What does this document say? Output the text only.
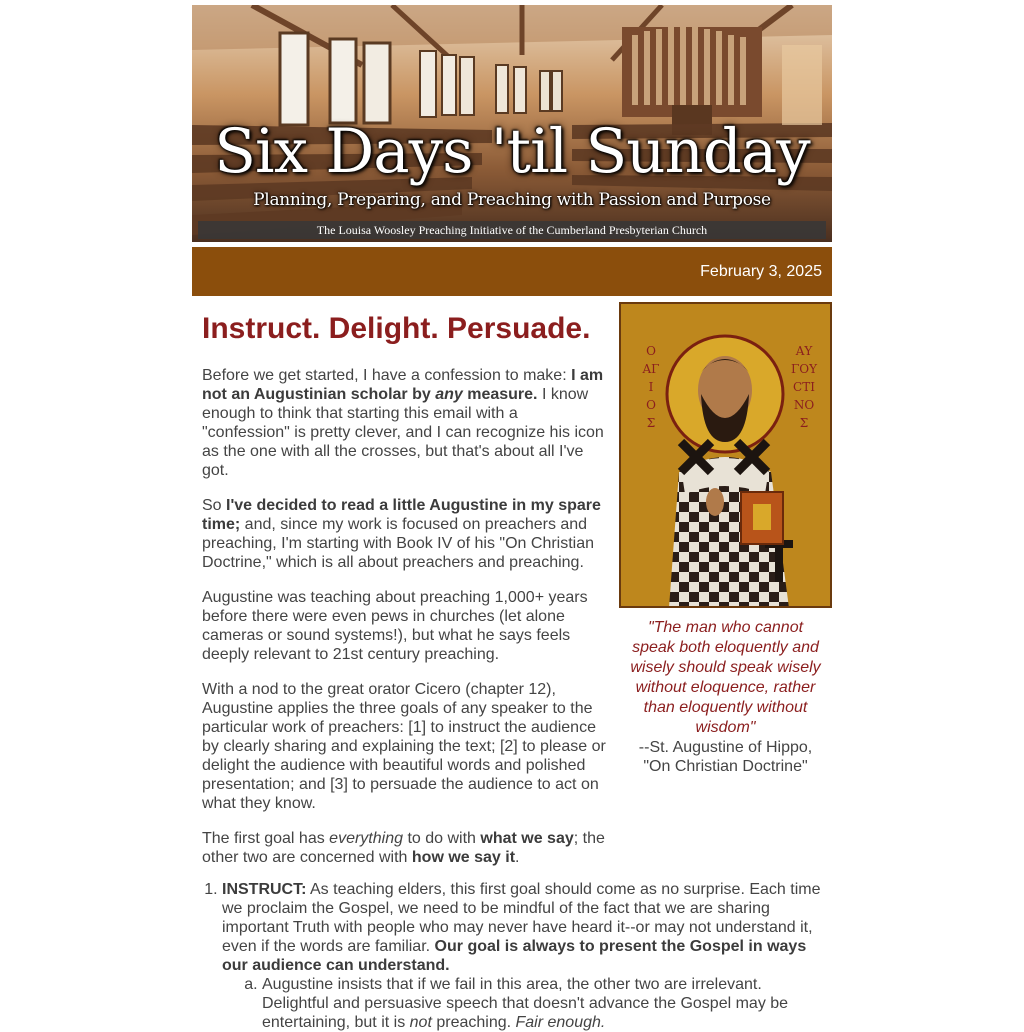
Six Days 'til Sunday
Planning, Preparing, and Preaching with Passion and Purpose
The Louisa Woosley Preaching Initiative of the Cumberland Presbyterian Church
February 3, 2025
Instruct. Delight. Persuade.

Before we get started, I have a confession to make: I am not an Augustinian scholar by any measure. I know enough to think that starting this email with a "confession" is pretty clever, and I can recognize his icon as the one with all the crosses, but that's about all I've got.

So I've decided to read a little Augustine in my spare time; and, since my work is focused on preachers and preaching, I'm starting with Book IV of his "On Christian Doctrine," which is all about preachers and preaching.

Augustine was teaching about preaching 1,000+ years before there were even pews in churches (let alone cameras or sound systems!), but what he says feels deeply relevant to 21st century preaching.

With a nod to the great orator Cicero (chapter 12), Augustine applies the three goals of any speaker to the particular work of preachers: [1] to instruct the audience by clearly sharing and explaining the text; [2] to please or delight the audience with beautiful words and polished presentation; and [3] to persuade the audience to act on what they know.

The first goal has everything to do with what we say; the other two are concerned with how we say it.

Ο
ΑΓ
Ι
Ο
Σ
ΑΥ
ΓΟΥ
CΤΙ
ΝΟ
Σ
"The man who cannot speak both eloquently and wisely should speak wisely without eloquence, rather than eloquently without wisdom"
--St. Augustine of Hippo,
"On Christian Doctrine"
1. INSTRUCT: As teaching elders, this first goal should come as no surprise. Each time we proclaim the Gospel, we need to be mindful of the fact that we are sharing important Truth with people who may never have heard it--or may not understand it, even if the words are familiar. Our goal is always to present the Gospel in ways our audience can understand.
a. Augustine insists that if we fail in this area, the other two are irrelevant. Delightful and persuasive speech that doesn't advance the Gospel may be entertaining, but it is not preaching. Fair enough.
